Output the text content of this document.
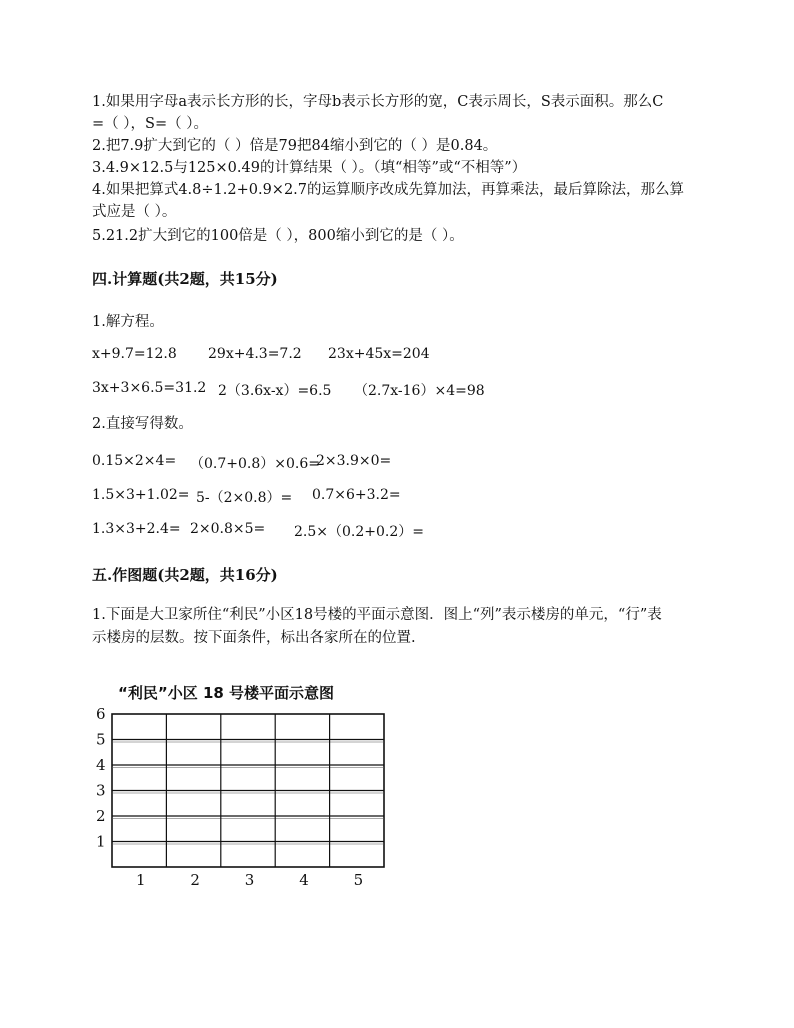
1.如果用字母a表示长方形的长，字母b表示长方形的宽，C表示周长，S表示面积。那么C
=（ ），S=（ ）。
2.把7.9扩大到它的（ ）倍是79把84缩小到它的（ ）是0.84。
3.4.9×12.5与125×0.49的计算结果（ ）。（填“相等”或“不相等”）
4.如果把算式4.8÷1.2+0.9×2.7的运算顺序改成先算加法，再算乘法，最后算除法，那么算
式应是（ ）。
5.21.2扩大到它的100倍是（ ），800缩小到它的是（ ）。
四.计算题(共2题，共15分)
1.解方程。
x+9.7=12.8 29x+4.3=7.2 23x+45x=204
3x+3×6.5=31.2 2（3.6x-x）=6.5 （2.7x-16）×4=98
2.直接写得数。
0.15×2×4= （0.7+0.8）×0.6=
2×3.9×0=
1.5×3+1.02= 5-（2×0.8）= 0.7×6+3.2=
1.3×3+2.4= 2×0.8×5= 2.5×（0.2+0.2）=
五.作图题(共2题，共16分)
1.下面是大卫家所住“利民”小区18号楼的平面示意图．图上“列”表示楼房的单元，“行”表
示楼房的层数。按下面条件，标出各家所在的位置.
“利民”小区 18 号楼平面示意图
6
5
4
3
2
1
1	2	3	4	5
